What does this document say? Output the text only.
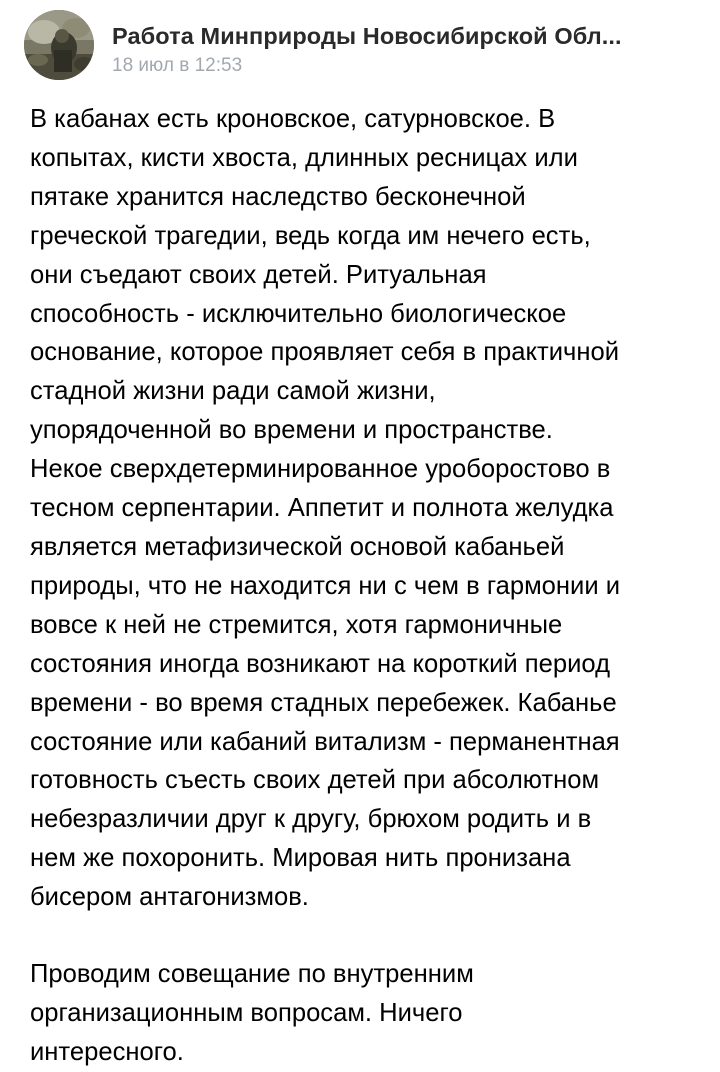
Работа Минприроды Новосибирской Обл...
18 июл в 12:53

В кабанах есть кроновское, сатурновское. В
копытах, кисти хвоста, длинных ресницах или
пятаке хранится наследство бесконечной
греческой трагедии, ведь когда им нечего есть,
они съедают своих детей. Ритуальная
способность - исключительно биологическое
основание, которое проявляет себя в практичной
стадной жизни ради самой жизни,
упорядоченной во времени и пространстве.
Некое сверхдетерминированное уроборостово в
тесном серпентарии. Аппетит и полнота желудка
является метафизической основой кабаньей
природы, что не находится ни с чем в гармонии и
вовсе к ней не стремится, хотя гармоничные
состояния иногда возникают на короткий период
времени - во время стадных перебежек. Кабанье
состояние или кабаний витализм - перманентная
готовность съесть своих детей при абсолютном
небезразличии друг к другу, брюхом родить и в
нем же похоронить. Мировая нить пронизана
бисером антагонизмов.

Проводим совещание по внутренним
организационным вопросам. Ничего
интересного.
